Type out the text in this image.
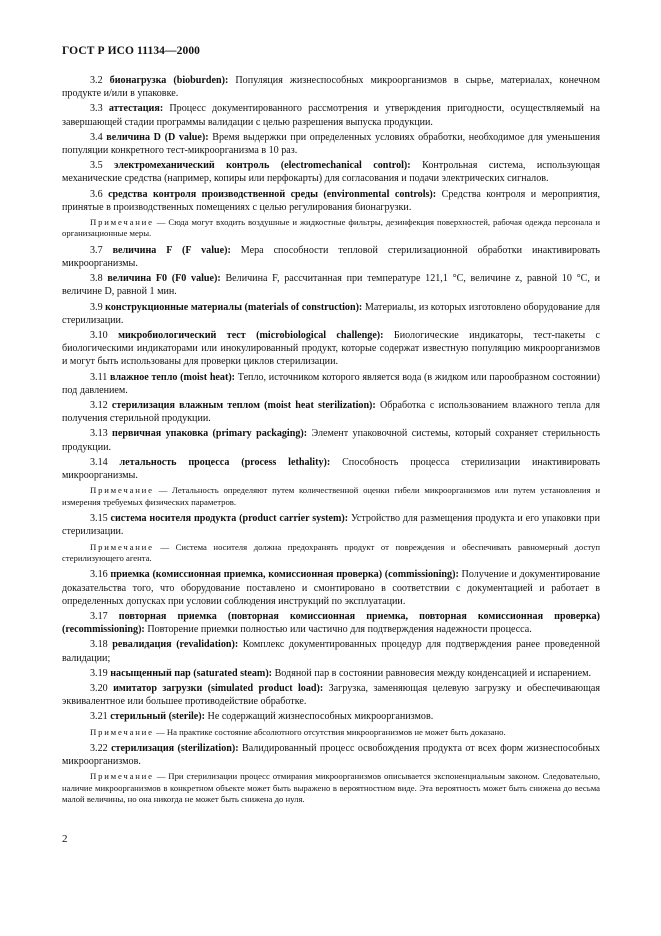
ГОСТ Р ИСО 11134—2000

3.2 бионагрузка (bioburden): Популяция жизнеспособных микроорганизмов в сырье, материалах, конечном продукте и/или в упаковке.

3.3 аттестация: Процесс документированного рассмотрения и утверждения пригодности, осуществляемый на завершающей стадии программы валидации с целью разрешения выпуска продукции.

3.4 величина D (D value): Время выдержки при определенных условиях обработки, необходимое для уменьшения популяции конкретного тест-микроорганизма в 10 раз.

3.5 электромеханический контроль (electromechanical control): Контрольная система, использующая механические средства (например, копиры или перфокарты) для согласования и подачи электрических сигналов.

3.6 средства контроля производственной среды (environmental controls): Средства контроля и мероприятия, принятые в производственных помещениях с целью регулирования бионагрузки.

Примечание — Сюда могут входить воздушные и жидкостные фильтры, дезинфекция поверхностей, рабочая одежда персонала и организационные меры.

3.7 величина F (F value): Мера способности тепловой стерилизационной обработки инактивировать микроорганизмы.

3.8 величина F0 (F0 value): Величина F, рассчитанная при температуре 121,1 °С, величине z, равной 10 °С, и величине D, равной 1 мин.

3.9 конструкционные материалы (materials of construction): Материалы, из которых изготовлено оборудование для стерилизации.

3.10 микробиологический тест (microbiological challenge): Биологические индикаторы, тест-пакеты с биологическими индикаторами или инокулированный продукт, которые содержат известную популяцию микроорганизмов и могут быть использованы для проверки циклов стерилизации.

3.11 влажное тепло (moist heat): Тепло, источником которого является вода (в жидком или парообразном состоянии) под давлением.

3.12 стерилизация влажным теплом (moist heat sterilization): Обработка с использованием влажного тепла для получения стерильной продукции.

3.13 первичная упаковка (primary packaging): Элемент упаковочной системы, который сохраняет стерильность продукции.

3.14 летальность процесса (process lethality): Способность процесса стерилизации инактивировать микроорганизмы.

Примечание — Летальность определяют путем количественной оценки гибели микроорганизмов или путем установления и измерения требуемых физических параметров.

3.15 система носителя продукта (product carrier system): Устройство для размещения продукта и его упаковки при стерилизации.

Примечание — Система носителя должна предохранять продукт от повреждения и обеспечивать равномерный доступ стерилизующего агента.

3.16 приемка (комиссионная приемка, комиссионная проверка) (commissioning): Получение и документирование доказательства того, что оборудование поставлено и смонтировано в соответствии с документацией и работает в определенных допусках при условии соблюдения инструкций по эксплуатации.

3.17 повторная приемка (повторная комиссионная приемка, повторная комиссионная проверка) (recommissioning): Повторение приемки полностью или частично для подтверждения надежности процесса.

3.18 ревалидация (revalidation): Комплекс документированных процедур для подтверждения ранее проведенной валидации;

3.19 насыщенный пар (saturated steam): Водяной пар в состоянии равновесия между конденсацией и испарением.

3.20 имитатор загрузки (simulated product load): Загрузка, заменяющая целевую загрузку и обеспечивающая эквивалентное или большее противодействие обработке.

3.21 стерильный (sterile): Не содержащий жизнеспособных микроорганизмов.

Примечание — На практике состояние абсолютного отсутствия микроорганизмов не может быть доказано.

3.22 стерилизация (sterilization): Валидированный процесс освобождения продукта от всех форм жизнеспособных микроорганизмов.

Примечание — При стерилизации процесс отмирания микроорганизмов описывается экспоненциальным законом. Следовательно, наличие микроорганизмов в конкретном объекте может быть выражено в вероятностном виде. Эта вероятность может быть снижена до весьма малой величины, но она никогда не может быть снижена до нуля.

2
